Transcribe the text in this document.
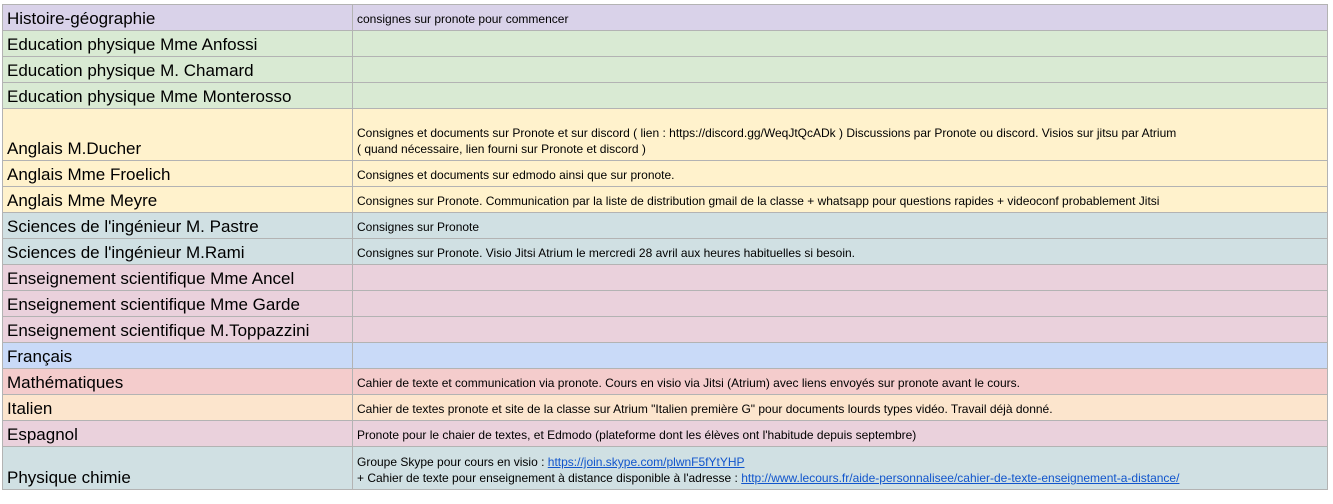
Histoire-géographie	consignes sur pronote pour commencer
Education physique Mme Anfossi	
Education physique M. Chamard	
Education physique Mme Monterosso	
Anglais M.Ducher	Consignes et documents sur Pronote et sur discord ( lien : https://discord.gg/WeqJtQcADk ) Discussions par Pronote ou discord. Visios sur jitsu par Atrium
( quand nécessaire, lien fourni sur Pronote et discord )

Anglais Mme Froelich	Consignes et documents sur edmodo ainsi que sur pronote.
Anglais Mme Meyre	Consignes sur Pronote. Communication par la liste de distribution gmail de la classe + whatsapp pour questions rapides + videoconf probablement Jitsi
Sciences de l'ingénieur M. Pastre	Consignes sur Pronote
Sciences de l'ingénieur M.Rami	Consignes sur Pronote. Visio Jitsi Atrium le mercredi 28 avril aux heures habituelles si besoin.
Enseignement scientifique Mme Ancel	
Enseignement scientifique Mme Garde	
Enseignement scientifique M.Toppazzini	
Français	
Mathématiques	Cahier de texte et communication via pronote. Cours en visio via Jitsi (Atrium) avec liens envoyés sur pronote avant le cours.
Italien	Cahier de textes pronote et site de la classe sur Atrium "Italien première G" pour documents lourds types vidéo. Travail déjà donné.
Espagnol	Pronote pour le chaier de textes, et Edmodo (plateforme dont les élèves ont l'habitude depuis septembre)
Physique chimie	Groupe Skype pour cours en visio : https://join.skype.com/plwnF5fYtYHP
+ Cahier de texte pour enseignement à distance disponible à l'adresse : http://www.lecours.fr/aide-personnalisee/cahier-de-texte-enseignement-a-distance/
